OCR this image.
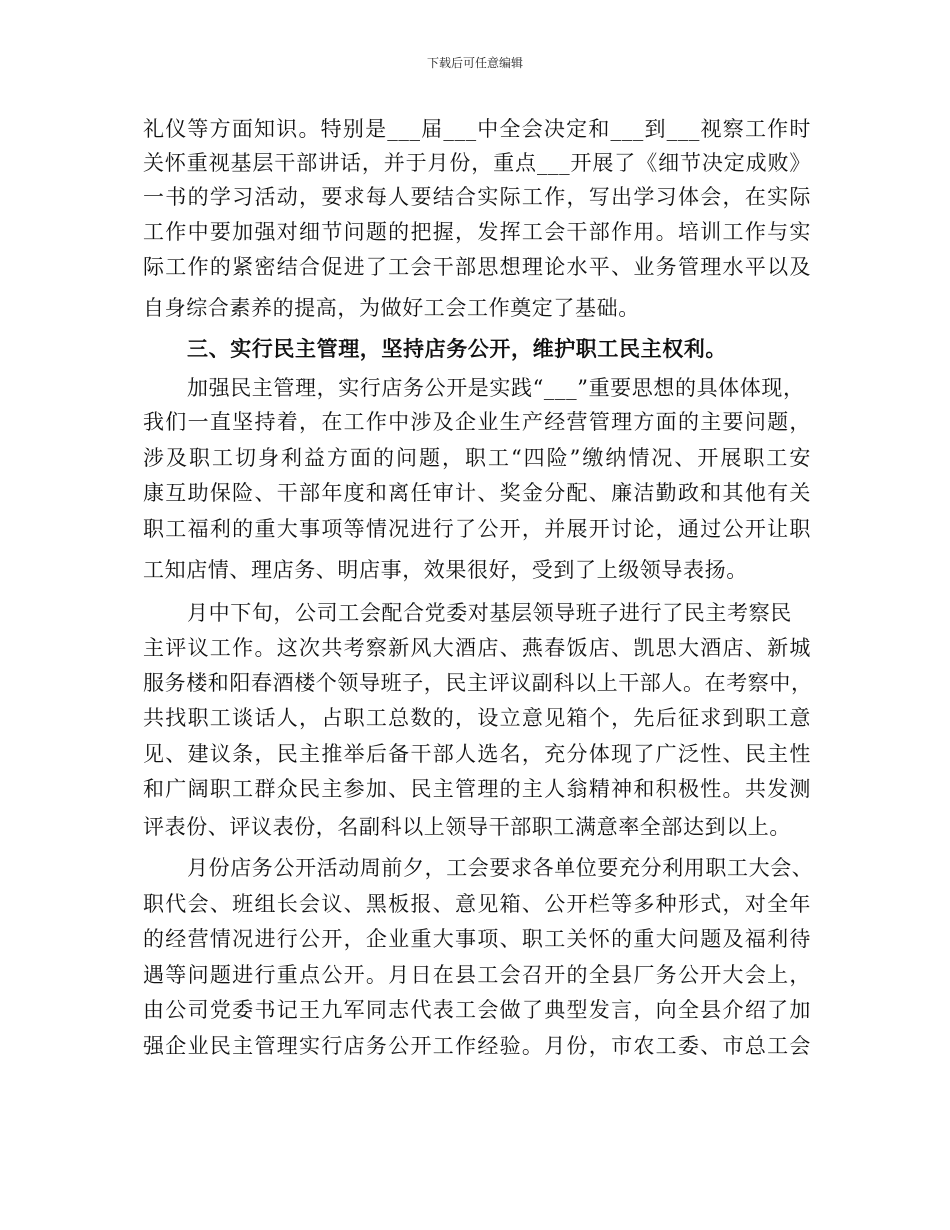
下载后可任意编辑
礼仪等方面知识。特别是___届___中全会决定和___到___视察工作时
关怀重视基层干部讲话，并于月份，重点___开展了《细节决定成败》
一书的学习活动，要求每人要结合实际工作，写出学习体会，在实际
工作中要加强对细节问题的把握，发挥工会干部作用。培训工作与实
际工作的紧密结合促进了工会干部思想理论水平、业务管理水平以及
自身综合素养的提高，为做好工会工作奠定了基础。
三、实行民主管理，坚持店务公开，维护职工民主权利。
加强民主管理，实行店务公开是实践“___”重要思想的具体体现，
我们一直坚持着，在工作中涉及企业生产经营管理方面的主要问题，
涉及职工切身利益方面的问题，职工“四险”缴纳情况、开展职工安
康互助保险、干部年度和离任审计、奖金分配、廉洁勤政和其他有关
职工福利的重大事项等情况进行了公开，并展开讨论，通过公开让职
工知店情、理店务、明店事，效果很好，受到了上级领导表扬。
月中下旬，公司工会配合党委对基层领导班子进行了民主考察民
主评议工作。这次共考察新风大酒店、燕春饭店、凯思大酒店、新城
服务楼和阳春酒楼个领导班子，民主评议副科以上干部人。在考察中，
共找职工谈话人，占职工总数的，设立意见箱个，先后征求到职工意
见、建议条，民主推举后备干部人选名，充分体现了广泛性、民主性
和广阔职工群众民主参加、民主管理的主人翁精神和积极性。共发测
评表份、评议表份，名副科以上领导干部职工满意率全部达到以上。
月份店务公开活动周前夕，工会要求各单位要充分利用职工大会、
职代会、班组长会议、黑板报、意见箱、公开栏等多种形式，对全年
的经营情况进行公开，企业重大事项、职工关怀的重大问题及福利待
遇等问题进行重点公开。月日在县工会召开的全县厂务公开大会上，
由公司党委书记王九军同志代表工会做了典型发言，向全县介绍了加
强企业民主管理实行店务公开工作经验。月份，市农工委、市总工会
